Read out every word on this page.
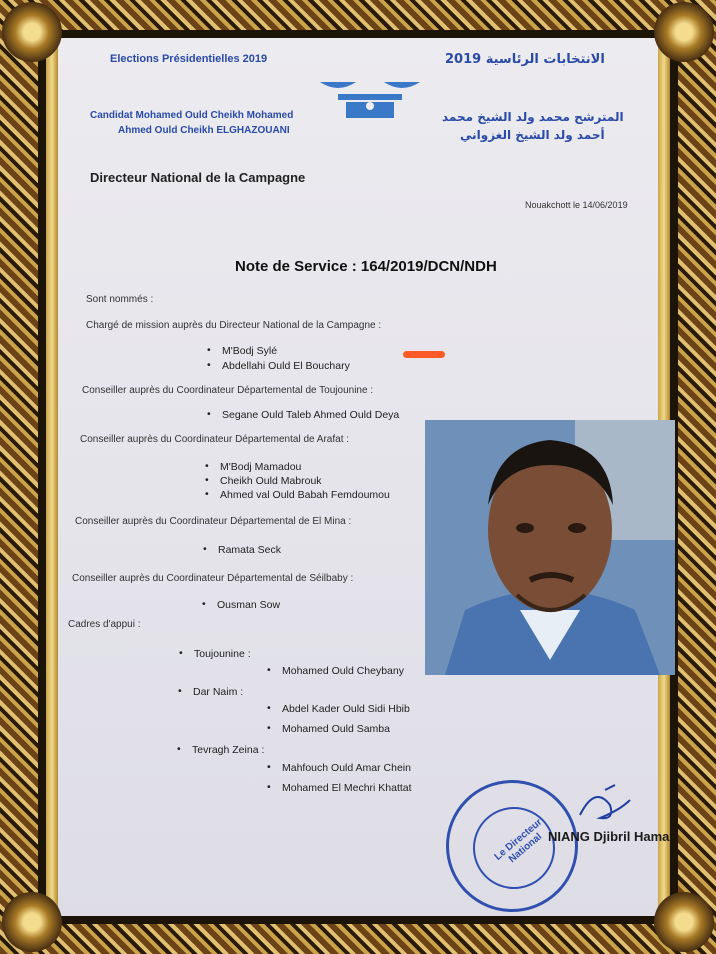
Elections Présidentielles 2019	الانتخابات الرئاسية 2019
Candidat Mohamed Ould Cheikh Mohamed
Ahmed Ould Cheikh ELGHAZOUANI
المترشح محمد ولد الشيخ محمد
أحمد ولد الشيخ الغزواني
Directeur National de la Campagne
Nouakchott le 14/06/2019
Note de Service : 164/2019/DCN/NDH
Sont nommés :
Chargé de mission auprès du Directeur National de la Campagne :
• M'Bodj Sylé
• Abdellahi Ould El Bouchary
Conseiller auprès du Coordinateur Départemental de Toujounine :
• Segane Ould Taleb Ahmed Ould Deya
Conseiller auprès du Coordinateur Départemental de Arafat :
• M'Bodj Mamadou
• Cheikh Ould Mabrouk
• Ahmed val Ould Babah Femdoumou
Conseiller auprès du Coordinateur Départemental de El Mina :
• Ramata Seck
Conseiller auprès du Coordinateur Départemental de Séilbaby :
• Ousman Sow
Cadres d'appui :
• Toujounine :
• Mohamed Ould Cheybany
• Dar Naim :
• Abdel Kader Ould Sidi Hbib
• Mohamed Ould Samba
• Tevragh Zeina :
• Mahfouch Ould Amar Chein
• Mohamed El Mechri Khattat
Le Directeur National NIANG Djibril Hama
